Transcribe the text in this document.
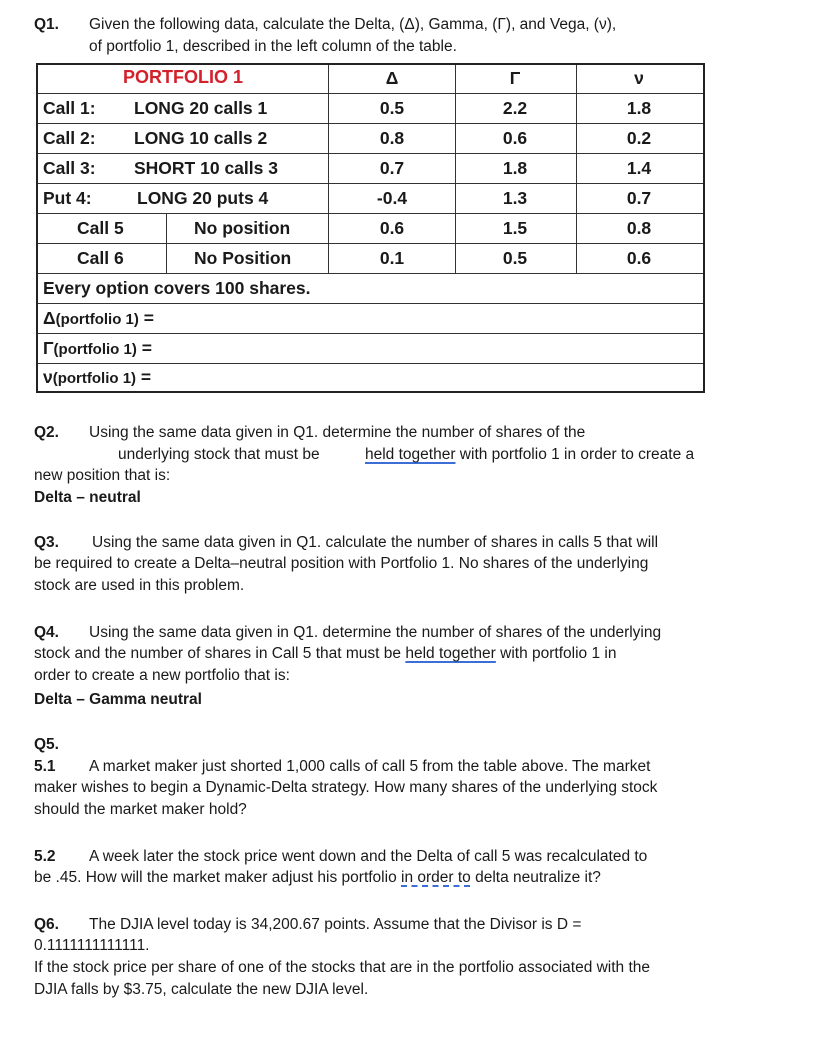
Q1. Given the following data, calculate the Delta, (Δ), Gamma, (Γ), and Vega, (ν),
of portfolio 1, described in the left column of the table.
PORTFOLIO 1	Δ	Γ	ν
Call 1: LONG 20 calls 1	0.5	2.2	1.8
Call 2: LONG 10 calls 2	0.8	0.6	0.2
Call 3: SHORT 10 calls 3	0.7	1.8	1.4
Put 4:	LONG 20 puts 4	-0.4	1.3	0.7
Call 5	No position	0.6	1.5	0.8
Call 6	No Position	0.1	0.5	0.6
Every option covers 100 shares.
Δ(portfolio 1) =
Γ(portfolio 1) =
ν(portfolio 1) =
Q2. Using the same data given in Q1. determine the number of shares of the
underlying stock that must be	held together with portfolio 1 in order to create a
new position that is:
Delta – neutral
Q3. Using the same data given in Q1. calculate the number of shares in calls 5 that will
be required to create a Delta–neutral position with Portfolio 1. No shares of the underlying
stock are used in this problem.
Q4. Using the same data given in Q1. determine the number of shares of the underlying
stock and the number of shares in Call 5 that must be held together with portfolio 1 in
order to create a new portfolio that is:
Delta – Gamma neutral
Q5.
5.1 A market maker just shorted 1,000 calls of call 5 from the table above. The market
maker wishes to begin a Dynamic-Delta strategy. How many shares of the underlying stock
should the market maker hold?
5.2 A week later the stock price went down and the Delta of call 5 was recalculated to
be .45. How will the market maker adjust his portfolio in order to delta neutralize it?
Q6. The DJIA level today is 34,200.67 points. Assume that the Divisor is D =
0.1111111111111.
If the stock price per share of one of the stocks that are in the portfolio associated with the
DJIA falls by $3.75, calculate the new DJIA level.
